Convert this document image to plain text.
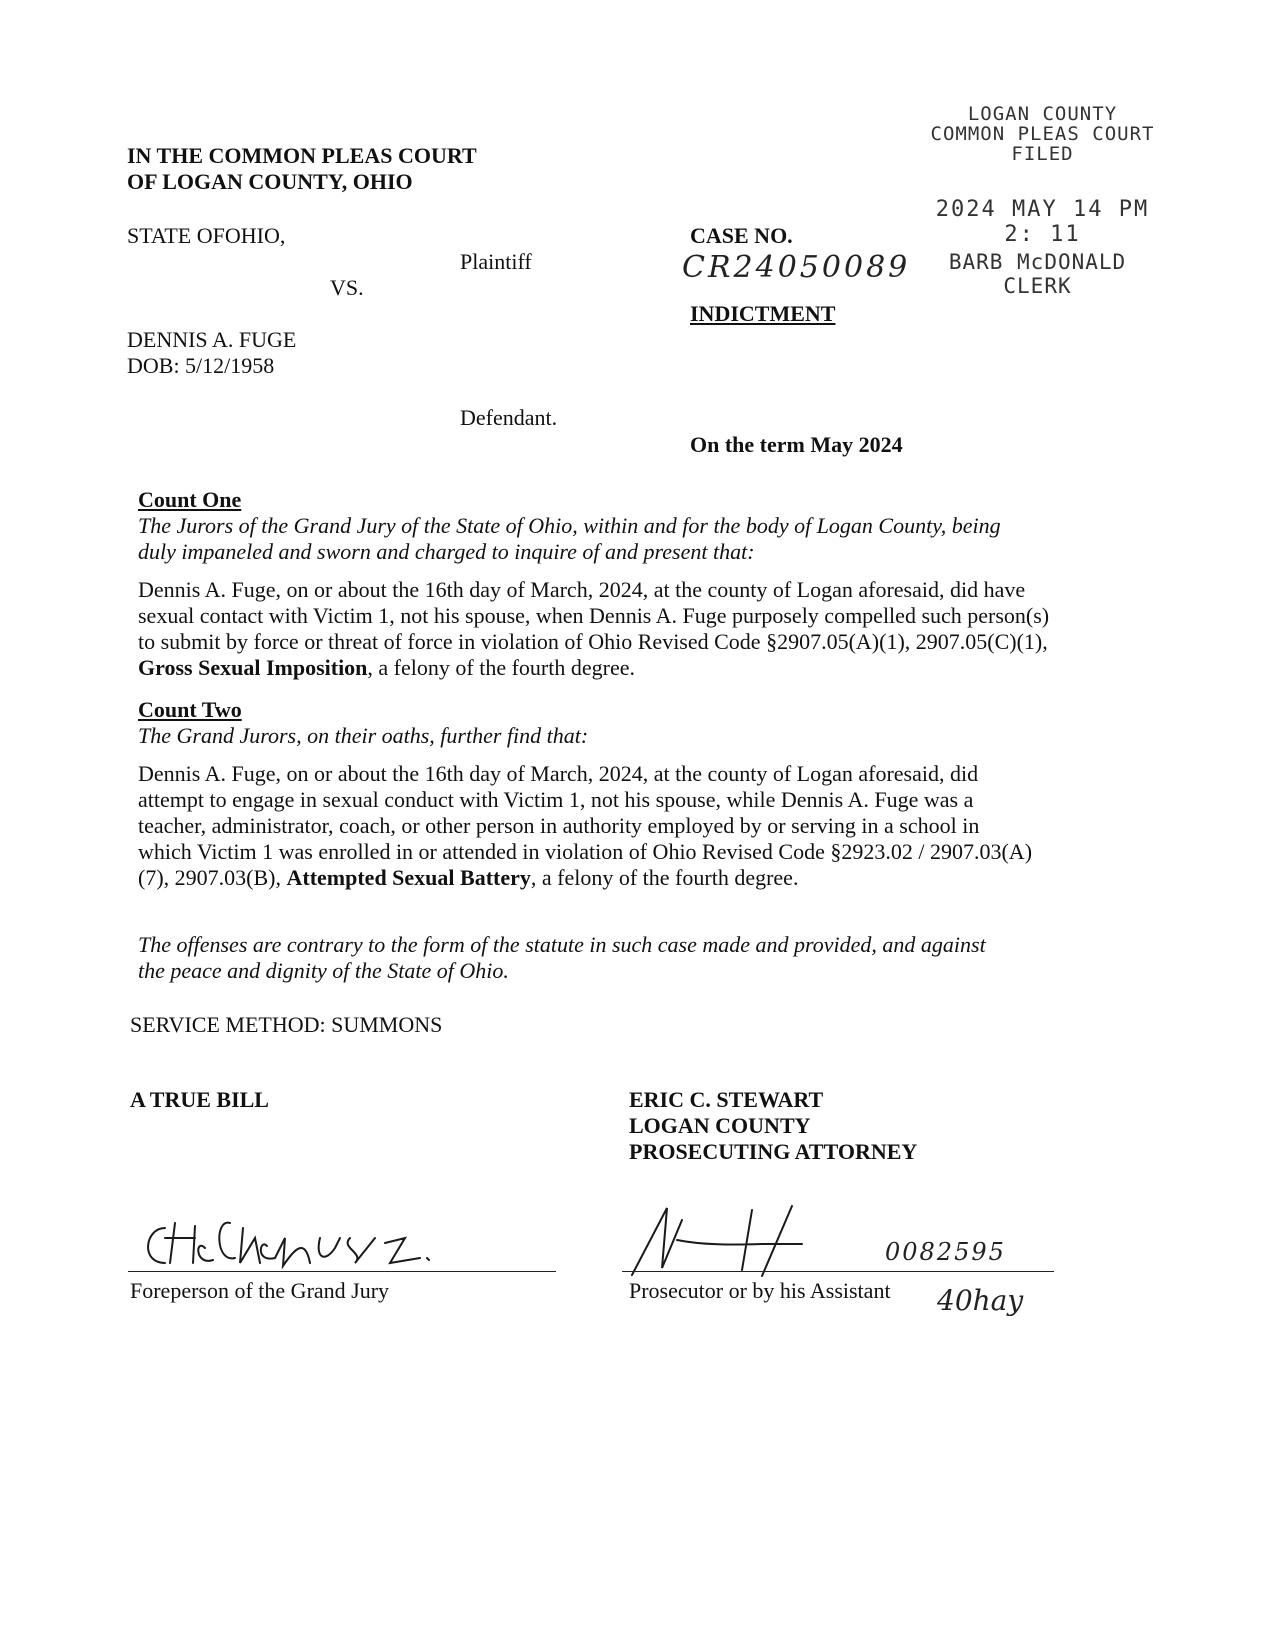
IN THE COMMON PLEAS COURT
OF LOGAN COUNTY, OHIO
LOGAN COUNTY
COMMON PLEAS COURT
FILED
2024 MAY 14 PM 2: 11
BARB McDONALD
CLERK
STATE OFOHIO,
Plaintiff
VS.
DENNIS A. FUGE
DOB: 5/12/1958
Defendant.
CASE NO.
CR24050089
INDICTMENT
On the term May 2024
Count One
The Jurors of the Grand Jury of the State of Ohio, within and for the body of Logan County, being duly impaneled and sworn and charged to inquire of and present that:
Dennis A. Fuge, on or about the 16th day of March, 2024, at the county of Logan aforesaid, did have sexual contact with Victim 1, not his spouse, when Dennis A. Fuge purposely compelled such person(s) to submit by force or threat of force in violation of Ohio Revised Code §2907.05(A)(1), 2907.05(C)(1), Gross Sexual Imposition, a felony of the fourth degree.
Count Two
The Grand Jurors, on their oaths, further find that:
Dennis A. Fuge, on or about the 16th day of March, 2024, at the county of Logan aforesaid, did attempt to engage in sexual conduct with Victim 1, not his spouse, while Dennis A. Fuge was a teacher, administrator, coach, or other person in authority employed by or serving in a school in which Victim 1 was enrolled in or attended in violation of Ohio Revised Code §2923.02 / 2907.03(A)(7), 2907.03(B), Attempted Sexual Battery, a felony of the fourth degree.
The offenses are contrary to the form of the statute in such case made and provided, and against the peace and dignity of the State of Ohio.
SERVICE METHOD: SUMMONS
A TRUE BILL	ERIC C. STEWART
LOGAN COUNTY
PROSECUTING ATTORNEY
Foreperson of the Grand Jury
0082595
Prosecutor or by his Assistant 40hay
